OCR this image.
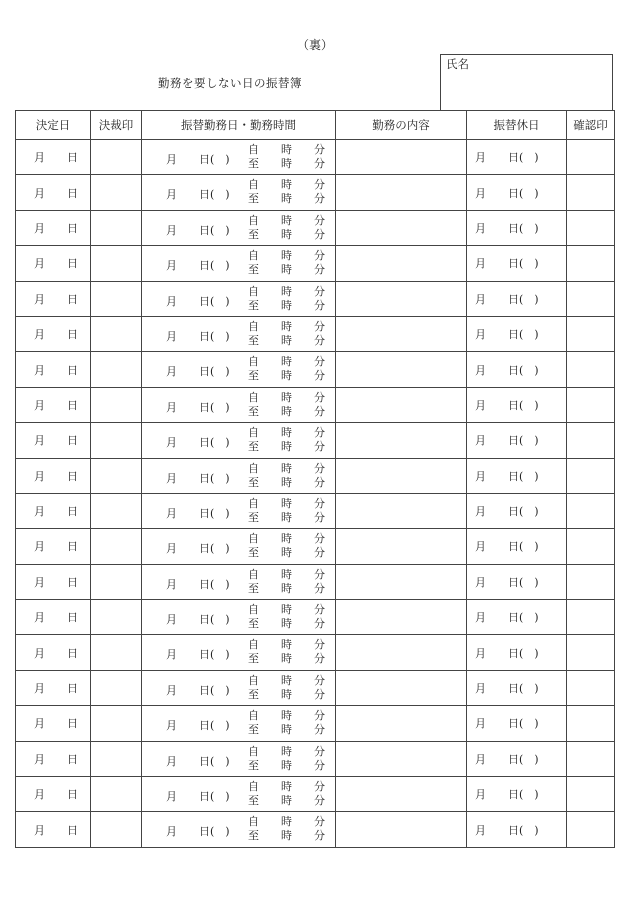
（裏）
勤務を要しない日の振替簿
氏名
決定日	決裁印	振替勤務日・勤務時間	勤務の内容	振替休日	確認印
月　　日		月　　日(　)
自　　時　　分
至　　時　　分		月　　日(　)	
月　　日		月　　日(　)
自　　時　　分
至　　時　　分		月　　日(　)	
月　　日		月　　日(　)
自　　時　　分
至　　時　　分		月　　日(　)	
月　　日		月　　日(　)
自　　時　　分
至　　時　　分		月　　日(　)	
月　　日		月　　日(　)
自　　時　　分
至　　時　　分		月　　日(　)	
月　　日		月　　日(　)
自　　時　　分
至　　時　　分		月　　日(　)	
月　　日		月　　日(　)
自　　時　　分
至　　時　　分		月　　日(　)	
月　　日		月　　日(　)
自　　時　　分
至　　時　　分		月　　日(　)	
月　　日		月　　日(　)
自　　時　　分
至　　時　　分		月　　日(　)	
月　　日		月　　日(　)
自　　時　　分
至　　時　　分		月　　日(　)	
月　　日		月　　日(　)
自　　時　　分
至　　時　　分		月　　日(　)	
月　　日		月　　日(　)
自　　時　　分
至　　時　　分		月　　日(　)	
月　　日		月　　日(　)
自　　時　　分
至　　時　　分		月　　日(　)	
月　　日		月　　日(　)
自　　時　　分
至　　時　　分		月　　日(　)	
月　　日		月　　日(　)
自　　時　　分
至　　時　　分		月　　日(　)	
月　　日		月　　日(　)
自　　時　　分
至　　時　　分		月　　日(　)	
月　　日		月　　日(　)
自　　時　　分
至　　時　　分		月　　日(　)	
月　　日		月　　日(　)
自　　時　　分
至　　時　　分		月　　日(　)	
月　　日		月　　日(　)
自　　時　　分
至　　時　　分		月　　日(　)	
月　　日		月　　日(　)
自　　時　　分
至　　時　　分		月　　日(　)	
